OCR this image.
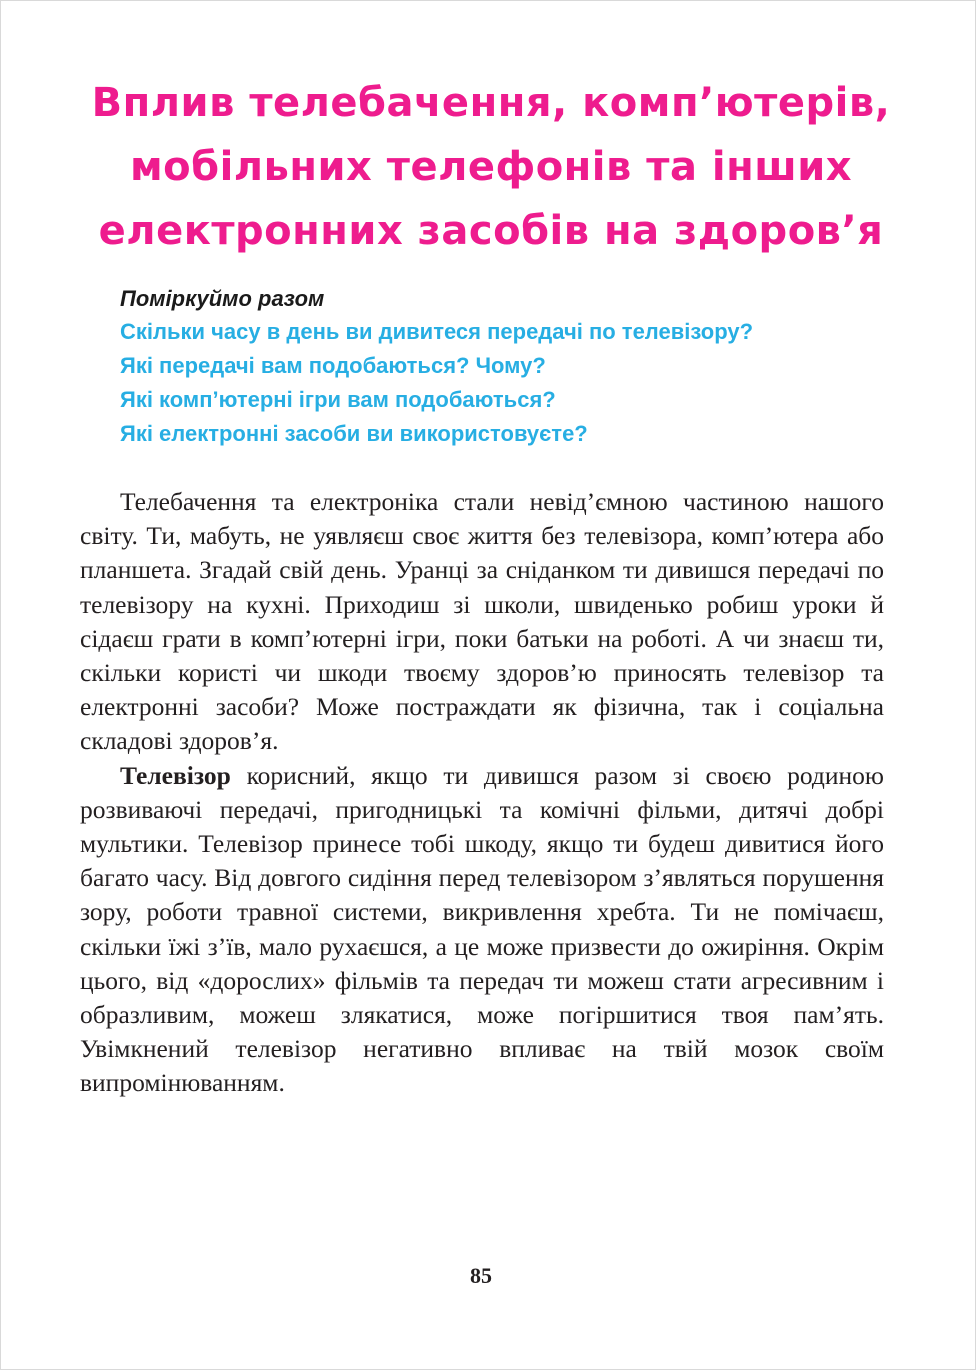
Вплив телебачення, комп’ютерів,
мобільних телефонів та інших
електронних засобів на здоров’я

Поміркуймо разом

Скільки часу в день ви дивитеся передачі по телевізору?

Які передачі вам подобаються? Чому?

Які комп’ютерні ігри вам подобаються?

Які електронні засоби ви використовуєте?

Телебачення та електроніка стали невід’ємною частиною нашого світу. Ти, мабуть, не уявляєш своє життя без телевізора, комп’ютера або планшета. Згадай свій день. Уранці за сніданком ти дивишся передачі по телевізору на кухні. Приходиш зі школи, швиденько робиш уроки й сідаєш грати в комп’ютерні ігри, поки батьки на роботі. А чи знаєш ти, скільки користі чи шкоди твоєму здоров’ю приносять телевізор та електронні засоби? Може постраждати як фізична, так і соціальна складові здоров’я.

Телевізор корисний, якщо ти дивишся разом зі своєю родиною розвиваючі передачі, пригодницькі та комічні фільми, дитячі добрі мультики. Телевізор принесе тобі шкоду, якщо ти будеш дивитися його багато часу. Від довгого сидіння перед телевізором з’являться порушення зору, роботи травної системи, викривлення хребта. Ти не помічаєш, скільки їжі з’їв, мало рухаєшся, а це може призвести до ожиріння. Окрім цього, від «дорослих» фільмів та передач ти можеш стати агресивним і образливим, можеш злякатися, може погіршитися твоя пам’ять. Увімкнений телевізор негативно впливає на твій мозок своїм випромінюванням.

85
